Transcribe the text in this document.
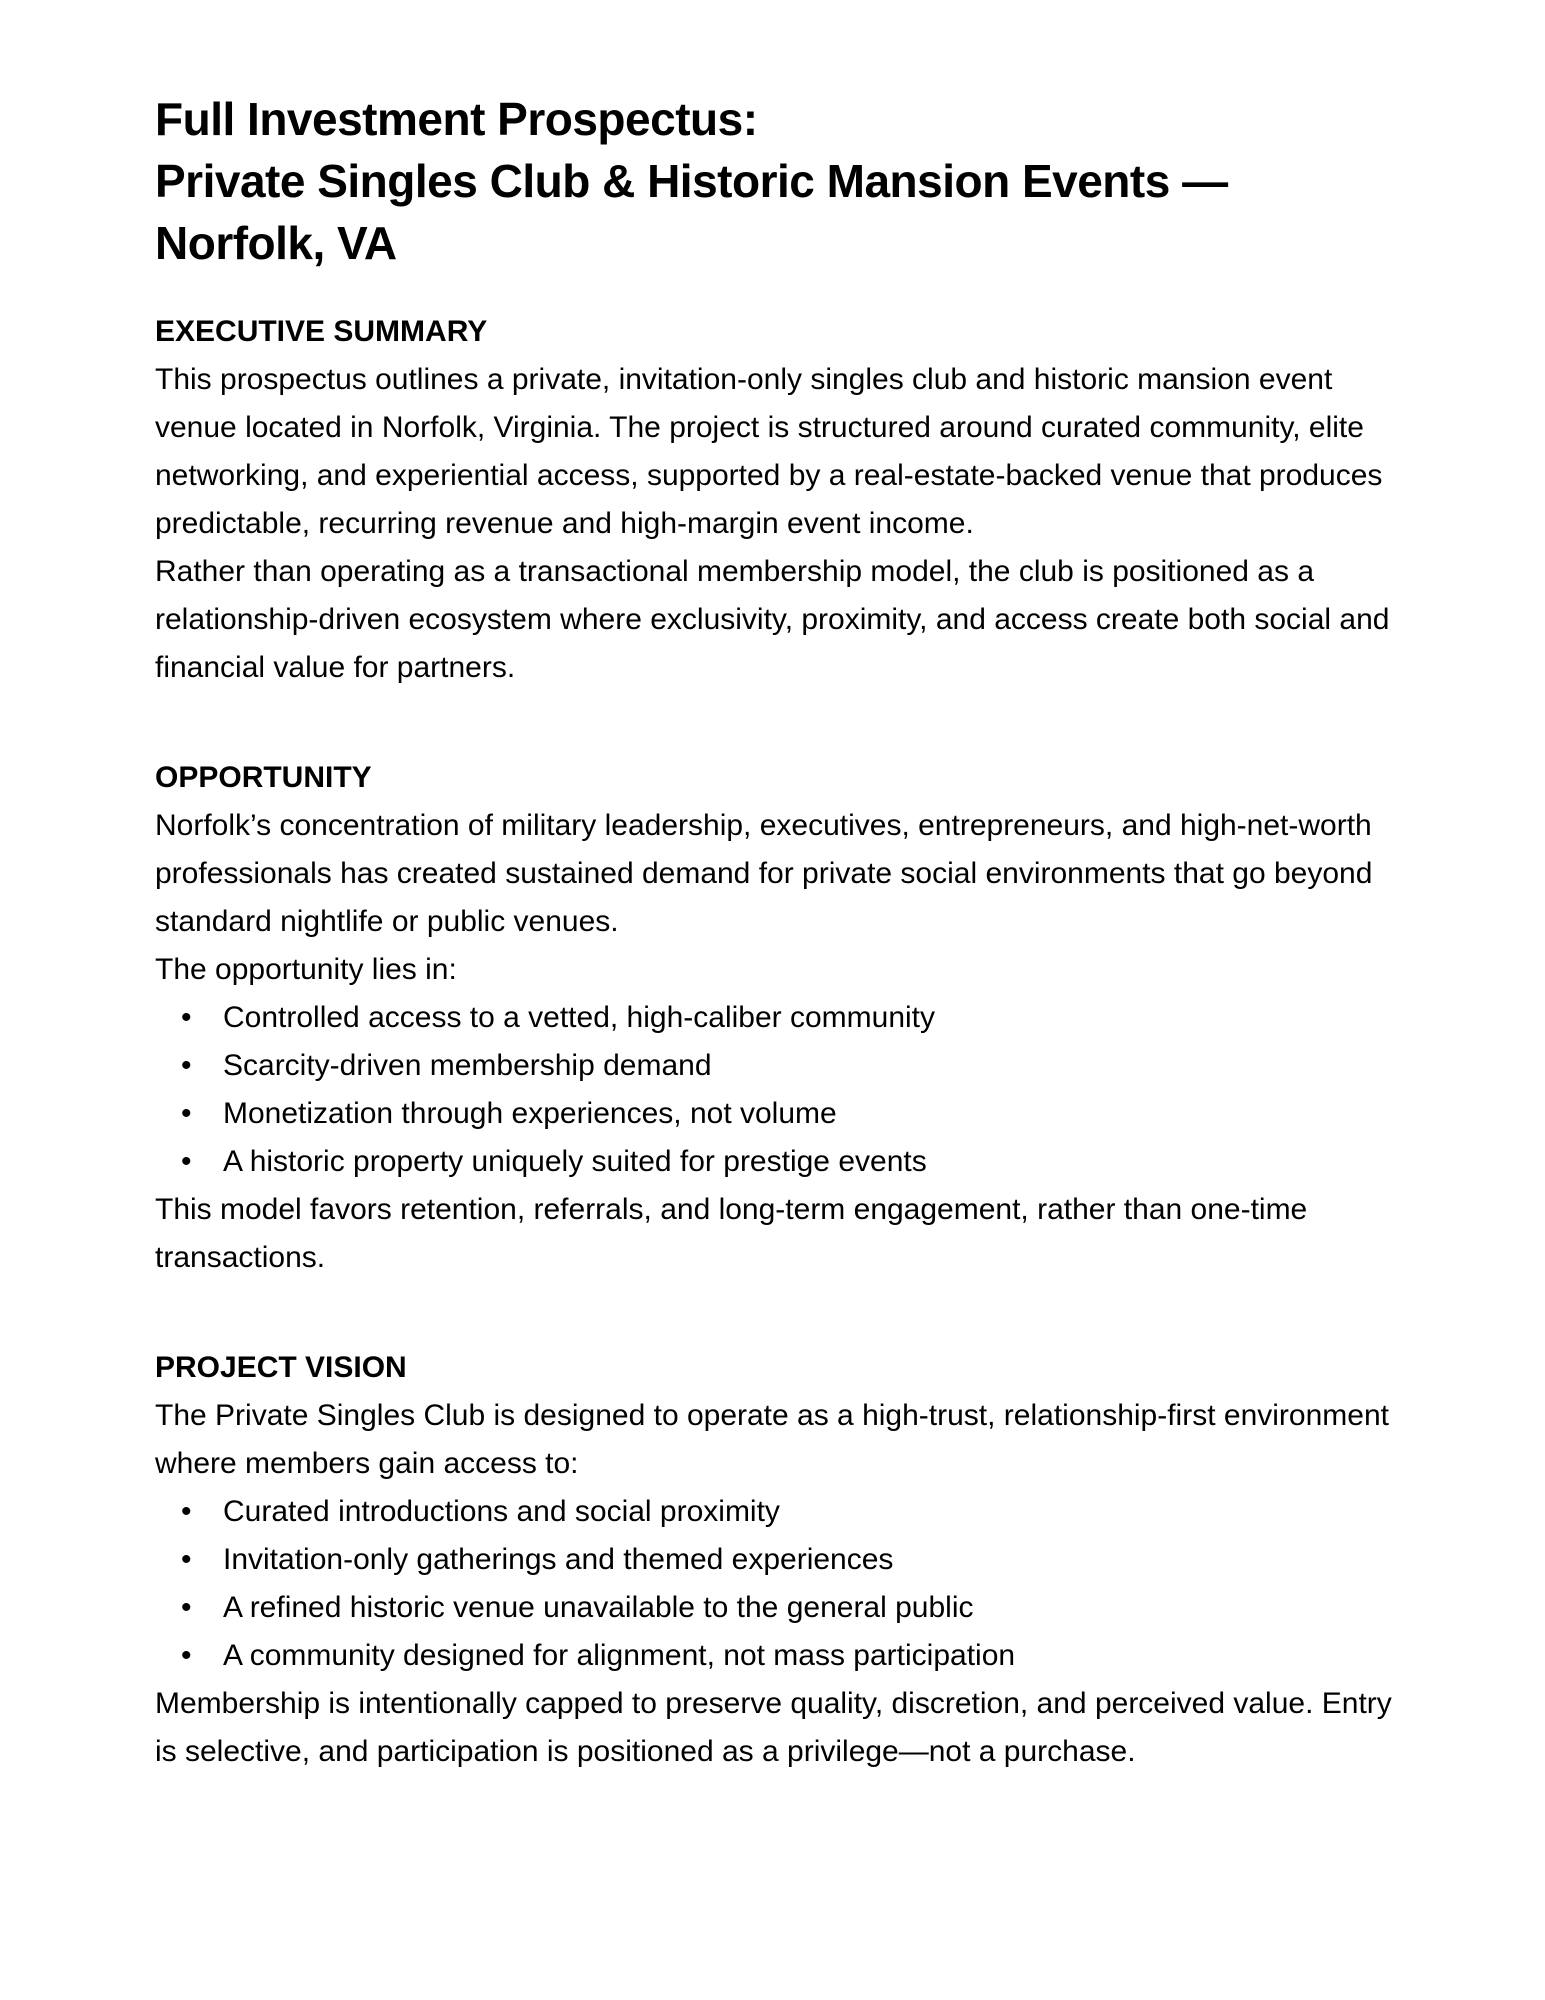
Full Investment Prospectus:
Private Singles Club & Historic Mansion Events —
Norfolk, VA
EXECUTIVE SUMMARY

This prospectus outlines a private, invitation-only singles club and historic mansion event venue located in Norfolk, Virginia. The project is structured around curated community, elite networking, and experiential access, supported by a real-estate-backed venue that produces predictable, recurring revenue and high-margin event income.

Rather than operating as a transactional membership model, the club is positioned as a relationship-driven ecosystem where exclusivity, proximity, and access create both social and financial value for partners.

OPPORTUNITY

Norfolk’s concentration of military leadership, executives, entrepreneurs, and high-net-worth professionals has created sustained demand for private social environments that go beyond standard nightlife or public venues.

The opportunity lies in:

• Controlled access to a vetted, high-caliber community
• Scarcity-driven membership demand
• Monetization through experiences, not volume
• A historic property uniquely suited for prestige events

This model favors retention, referrals, and long-term engagement, rather than one-time transactions.

PROJECT VISION

The Private Singles Club is designed to operate as a high-trust, relationship-first environment where members gain access to:

• Curated introductions and social proximity
• Invitation-only gatherings and themed experiences
• A refined historic venue unavailable to the general public
• A community designed for alignment, not mass participation

Membership is intentionally capped to preserve quality, discretion, and perceived value. Entry is selective, and participation is positioned as a privilege—not a purchase.
